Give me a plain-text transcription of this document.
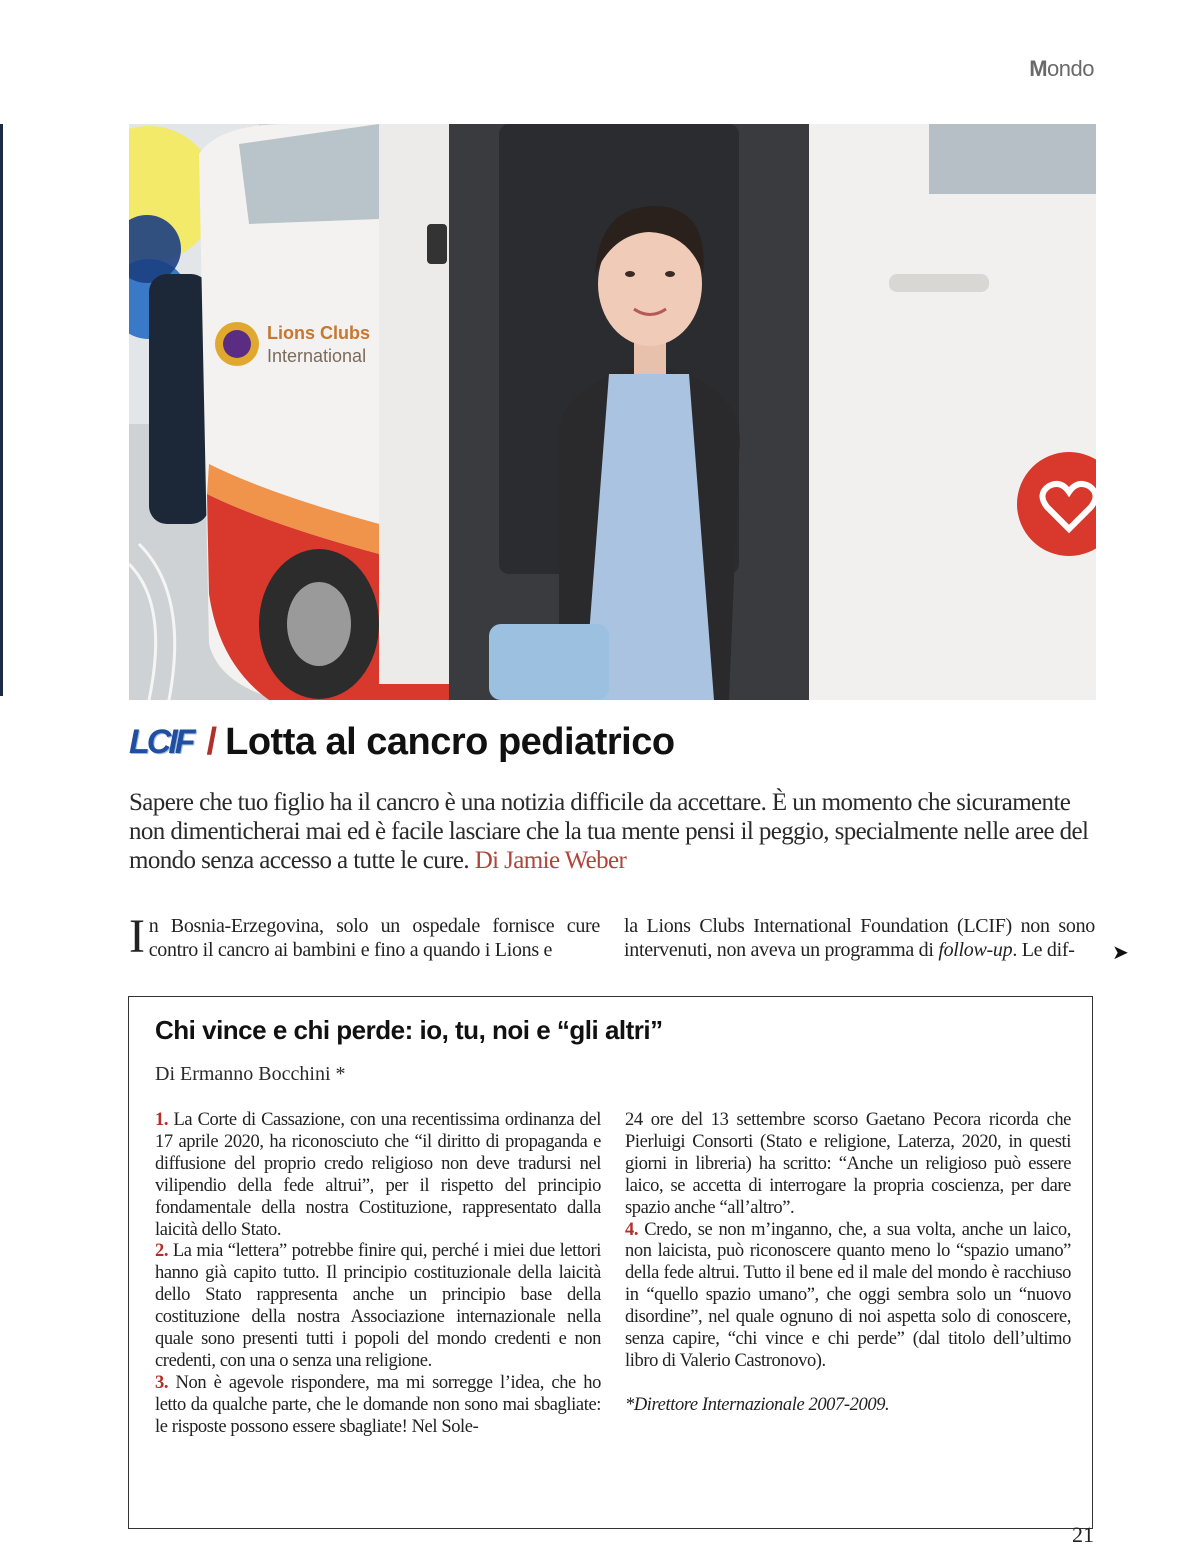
Mondo
Lions Clubs
International
LCIF / Lotta al cancro pediatrico
Sapere che tuo figlio ha il cancro è una notizia difficile da accettare. È un momento che sicuramente non dimenticherai mai ed è facile lasciare che la tua mente pensi il peggio, specialmente nelle aree del mondo senza accesso a tutte le cure. Di Jamie Weber
In Bosnia-Erzegovina, solo un ospedale fornisce cure contro il cancro ai bambini e fino a quando i Lions e
la Lions Clubs International Foundation (LCIF) non sono intervenuti, non aveva un programma di follow-up. Le dif-	➤
Chi vince e chi perde: io, tu, noi e “gli altri”
Di Ermanno Bocchini *

1. La Corte di Cassazione, con una recentissima ordinanza del 17 aprile 2020, ha riconosciuto che “il diritto di propaganda e diffusione del proprio credo religioso non deve tradursi nel vilipendio della fede altrui”, per il rispetto del principio fondamentale della nostra Costituzione, rappresentato dalla laicità dello Stato.

2. La mia “lettera” potrebbe finire qui, perché i miei due lettori hanno già capito tutto. Il principio costituzionale della laicità dello Stato rappresenta anche un principio base della costituzione della nostra Associazione internazionale nella quale sono presenti tutti i popoli del mondo credenti e non credenti, con una o senza una religione.

3. Non è agevole rispondere, ma mi sorregge l’idea, che ho letto da qualche parte, che le domande non sono mai sbagliate: le risposte possono essere sbagliate! Nel Sole-

24 ore del 13 settembre scorso Gaetano Pecora ricorda che Pierluigi Consorti (Stato e religione, Laterza, 2020, in questi giorni in libreria) ha scritto: “Anche un religioso può essere laico, se accetta di interrogare la propria coscienza, per dare spazio anche “all’altro”.

4. Credo, se non m’inganno, che, a sua volta, anche un laico, non laicista, può riconoscere quanto meno lo “spazio umano” della fede altrui. Tutto il bene ed il male del mondo è racchiuso in “quello spazio umano”, che oggi sembra solo un “nuovo disordine”, nel quale ognuno di noi aspetta solo di conoscere, senza capire, “chi vince e chi perde” (dal titolo dell’ultimo libro di Valerio Castronovo).

*Direttore Internazionale 2007-2009.

21
